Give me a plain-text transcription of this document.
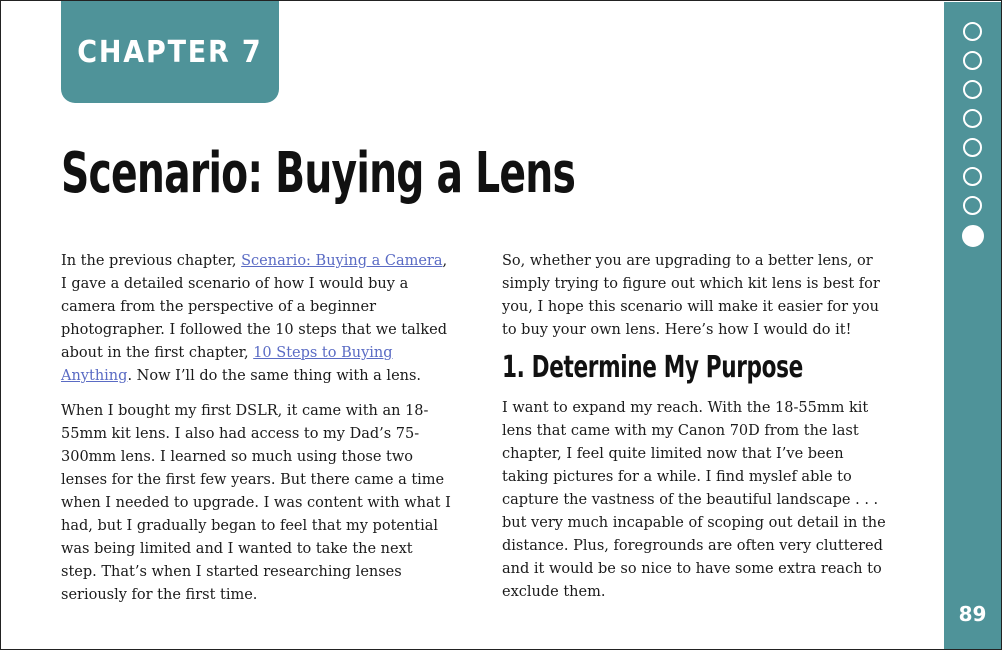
CHAPTER 7
Scenario: Buying a Lens

In the previous chapter, Scenario: Buying a Camera, I gave a detailed scenario of how I would buy a camera from the perspective of a beginner photographer. I followed the 10 steps that we talked about in the first chapter, 10 Steps to Buying Anything. Now I’ll do the same thing with a lens.

When I bought my first DSLR, it came with an 18-55mm kit lens. I also had access to my Dad’s 75-300mm lens. I learned so much using those two lenses for the first few years. But there came a time when I needed to upgrade. I was content with what I had, but I gradually began to feel that my potential was being limited and I wanted to take the next step. That’s when I started researching lenses seriously for the first time.

So, whether you are upgrading to a better lens, or simply trying to figure out which kit lens is best for you, I hope this scenario will make it easier for you to buy your own lens. Here’s how I would do it!

1. Determine My Purpose

I want to expand my reach. With the 18-55mm kit lens that came with my Canon 70D from the last chapter, I feel quite limited now that I’ve been taking pictures for a while. I find myslef able to capture the vastness of the beautiful landscape . . . but very much incapable of scoping out detail in the distance. Plus, foregrounds are often very cluttered and it would be so nice to have some extra reach to exclude them.

89
